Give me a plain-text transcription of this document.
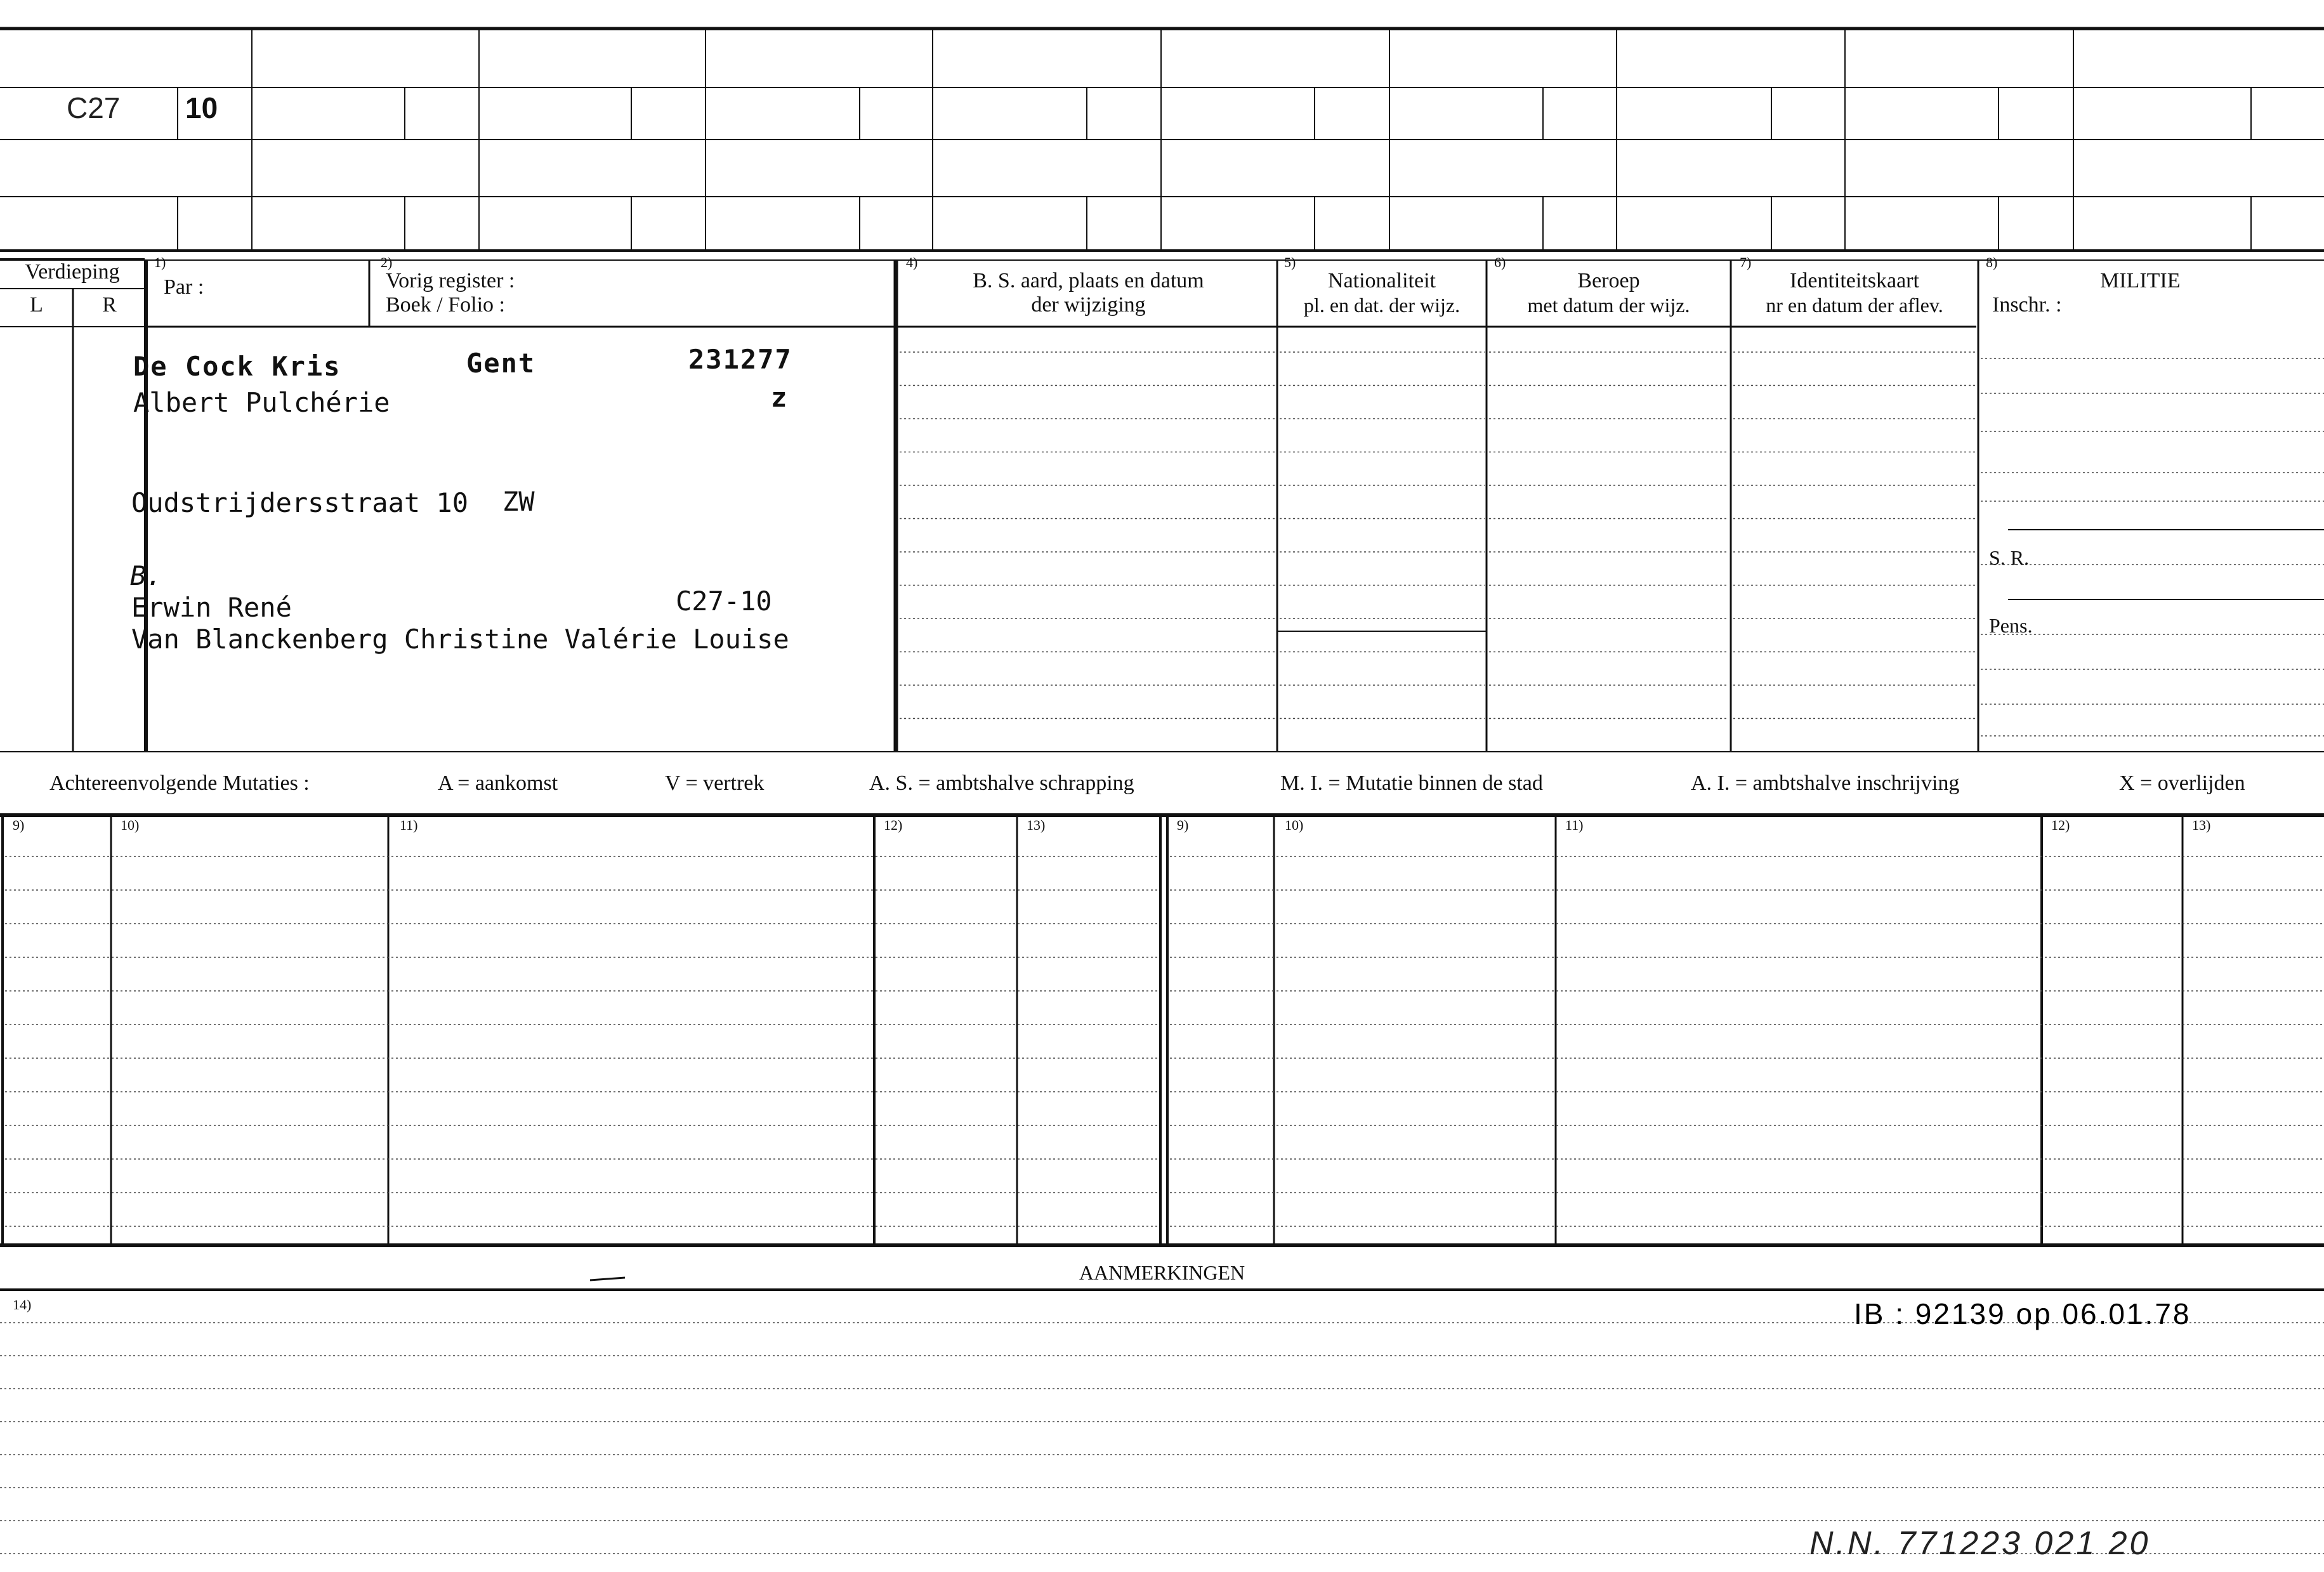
C27 10
Verdieping
L	R
1)
Par :
2)
Vorig register :
Boek / Folio :
4)
B. S. aard, plaats en datum
der wijziging
5)
Nationaliteit
pl. en dat. der wijz.
6)
Beroep
met datum der wijz.
7)
Identiteitskaart
nr en datum der aflev.
8)
MILITIE
Inschr. :
S. R.
Pens.
De Cock Kris	Gent	231277
Albert Pulchérie	z
Oudstrijdersstraat 10 ZW
B.
Erwin René	C27-10
Van Blanckenberg Christine Valérie Louise
Achtereenvolgende Mutaties :	A = aankomst	V = vertrek	A. S. = ambtshalve schrapping	M. I. = Mutatie binnen de stad	A. I. = ambtshalve inschrijving	X = overlijden
9)	10)	11)	12)	13)	9)	10)	11)	12)	13)
AANMERKINGEN
14)	IB : 92139 op 06.01.78
N.N. 771223 021 20
